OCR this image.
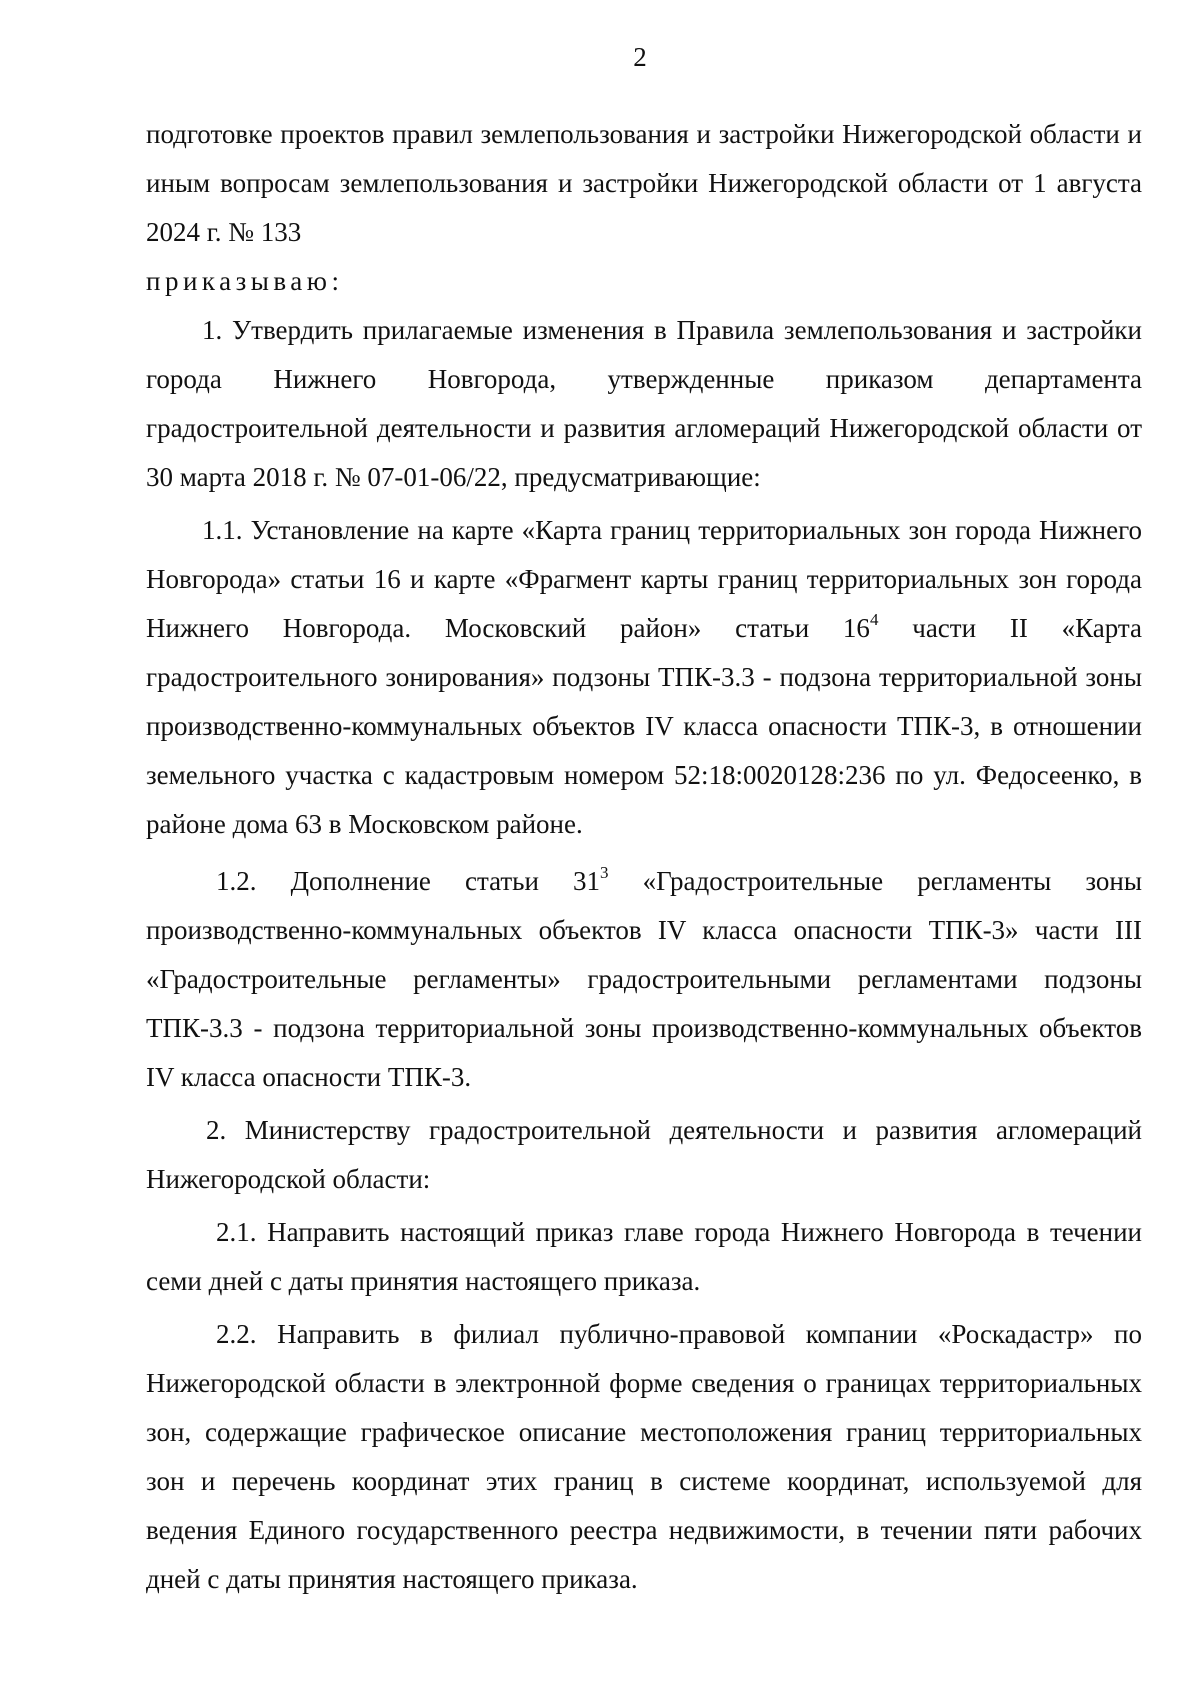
2

подготовке проектов правил землепользования и застройки Нижегородской области и иным вопросам землепользования и застройки Нижегородской области от 1 августа 2024 г. № 133

приказываю:

1. Утвердить прилагаемые изменения в Правила землепользования и застройки города Нижнего Новгорода, утвержденные приказом департамента градостроительной деятельности и развития агломераций Нижегородской области от 30 марта 2018 г. № 07-01-06/22, предусматривающие:

1.1. Установление на карте «Карта границ территориальных зон города Нижнего Новгорода» статьи 16 и карте «Фрагмент карты границ территориальных зон города Нижнего Новгорода. Московский район» статьи $16^4$ части II «Карта градостроительного зонирования» подзоны ТПК-3.3 - подзона территориальной зоны производственно-коммунальных объектов IV класса опасности ТПК-3, в отношении земельного участка с кадастровым номером 52:18:0020128:236 по ул. Федосеенко, в районе дома 63 в Московском районе.

1.2. Дополнение статьи $31^3$ «Градостроительные регламенты зоны производственно-коммунальных объектов IV класса опасности ТПК-3» части III «Градостроительные регламенты» градостроительными регламентами подзоны ТПК-3.3 - подзона территориальной зоны производственно-коммунальных объектов IV класса опасности ТПК-3.

2. Министерству градостроительной деятельности и развития агломераций Нижегородской области:

2.1. Направить настоящий приказ главе города Нижнего Новгорода в течении семи дней с даты принятия настоящего приказа.

2.2. Направить в филиал публично-правовой компании «Роскадастр» по Нижегородской области в электронной форме сведения о границах территориальных зон, содержащие графическое описание местоположения границ территориальных зон и перечень координат этих границ в системе координат, используемой для ведения Единого государственного реестра недвижимости, в течении пяти рабочих дней с даты принятия настоящего приказа.
